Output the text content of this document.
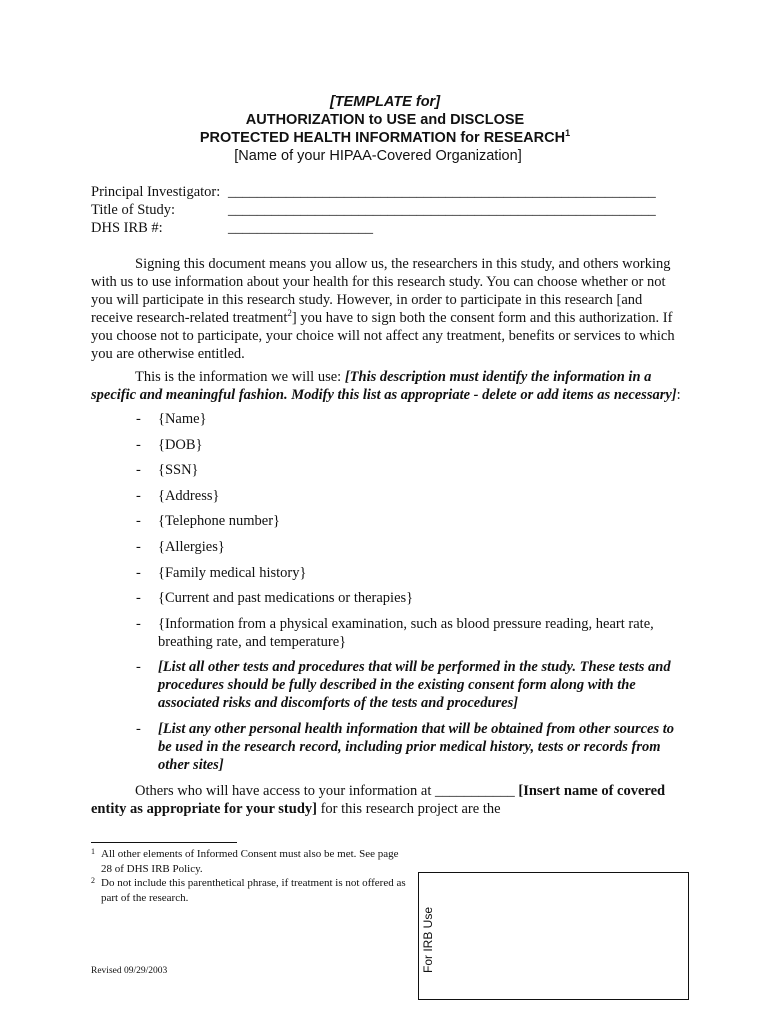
[TEMPLATE for]
AUTHORIZATION to USE and DISCLOSE
PROTECTED HEALTH INFORMATION for RESEARCH$^1$
[Name of your HIPAA-Covered Organization]
Principal Investigator: ___________________________________________________________
Title of Study:	___________________________________________________________
DHS IRB #:	____________________

Signing this document means you allow us, the researchers in this study, and others working with us to use information about your health for this research study. You can choose whether or not you will participate in this research study. However, in order to participate in this research [and receive research-related treatment$^2$] you have to sign both the consent form and this authorization. If you choose not to participate, your choice will not affect any treatment, benefits or services to which you are otherwise entitled.

This is the information we will use: [This description must identify the information in a specific and meaningful fashion. Modify this list as appropriate - delete or add items as necessary]:

-	{Name}
-	{DOB}
-	{SSN}
-	{Address}
-	{Telephone number}
-	{Allergies}
-	{Family medical history}
-	{Current and past medications or therapies}
-	{Information from a physical examination, such as blood pressure reading, heart rate, breathing rate, and temperature}
-	[List all other tests and procedures that will be performed in the study. These tests and procedures should be fully described in the existing consent form along with the associated risks and discomforts of the tests and procedures]
-	[List any other personal health information that will be obtained from other sources to be used in the research record, including prior medical history, tests or records from other sites]

Others who will have access to your information at ___________ [Insert name of covered entity as appropriate for your study] for this research project are the

1 All other elements of Informed Consent must also be met. See page 28 of DHS IRB Policy.
2 Do not include this parenthetical phrase, if treatment is not offered as part of the research.
Revised 09/29/2003	For IRB Use
